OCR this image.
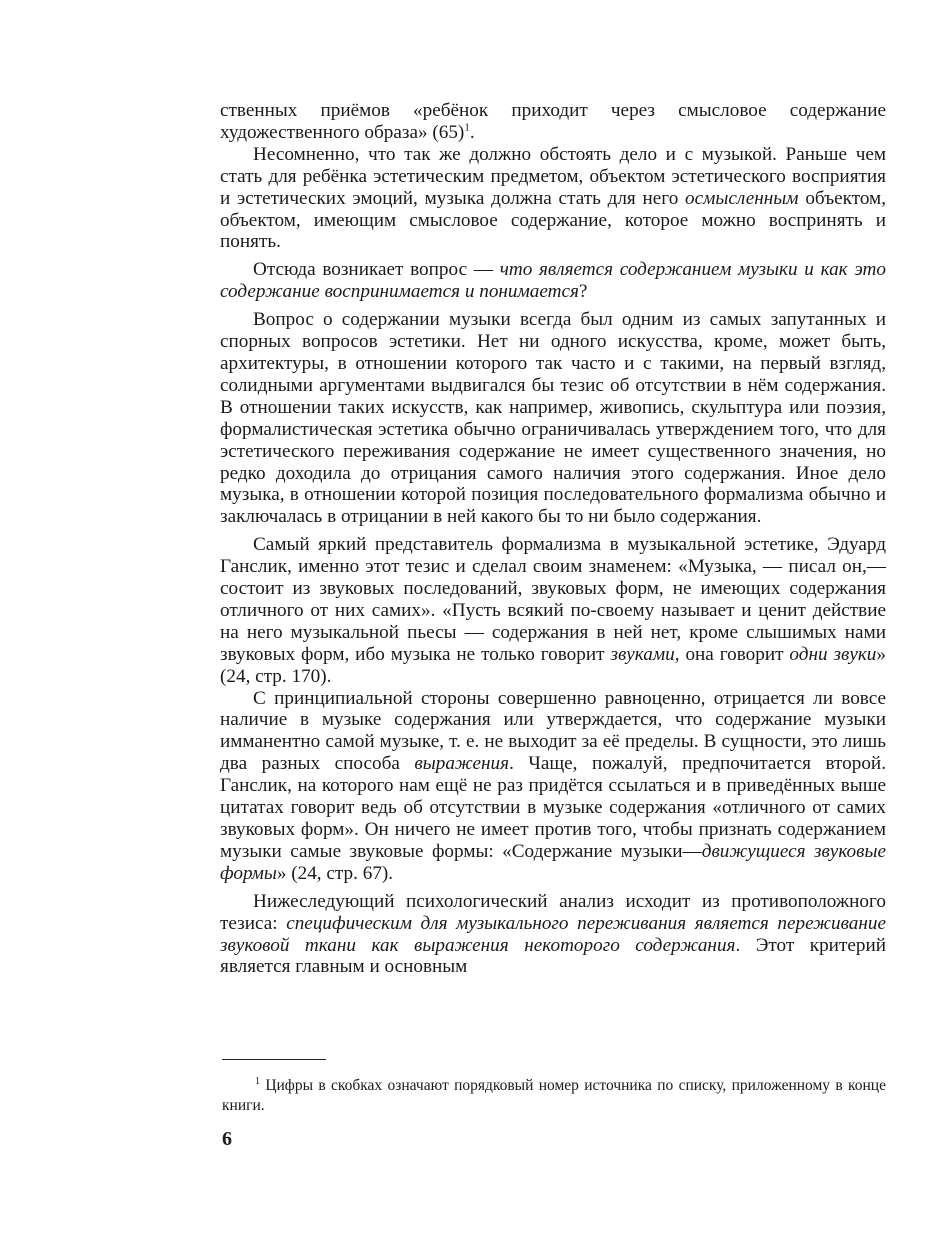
ственных приёмов «ребёнок приходит через смысловое содержание художественного образа» $(65)^1$.

Несомненно, что так же должно обстоять дело и с музыкой. Раньше чем стать для ребёнка эстетическим предметом, объектом эстетического восприятия и эстетических эмоций, музыка должна стать для него осмысленным объектом, объектом, имеющим смысловое содержание, которое можно воспринять и понять.

Отсюда возникает вопрос — что является содержанием музыки и как это содержание воспринимается и понимается?

Вопрос о содержании музыки всегда был одним из самых запутанных и спорных вопросов эстетики. Нет ни одного искусства, кроме, может быть, архитектуры, в отношении которого так часто и с такими, на первый взгляд, солидными аргументами выдвигался бы тезис об отсутствии в нём содержания. В отношении таких искусств, как например, живопись, скульптура или поэзия, формалистическая эстетика обычно ограничивалась утверждением того, что для эстетического переживания содержание не имеет существенного значения, но редко доходила до отрицания самого наличия этого содержания. Иное дело музыка, в отношении которой позиция последовательного формализма обычно и заключалась в отрицании в ней какого бы то ни было содержания.

Самый яркий представитель формализма в музыкальной эстетике, Эдуард Ганслик, именно этот тезис и сделал своим знаменем: «Музыка, — писал он,—состоит из звуковых последований, звуковых форм, не имеющих содержания отличного от них самих». «Пусть всякий по-своему называет и ценит действие на него музыкальной пьесы — содержания в ней нет, кроме слышимых нами звуковых форм, ибо музыка не только говорит звуками, она говорит одни звуки» (24, стр. 170).

С принципиальной стороны совершенно равноценно, отрицается ли вовсе наличие в музыке содержания или утверждается, что содержание музыки имманентно самой музыке, т. е. не выходит за её пределы. В сущности, это лишь два разных способа выражения. Чаще, пожалуй, предпочитается второй. Ганслик, на которого нам ещё не раз придётся ссылаться и в приведённых выше цитатах говорит ведь об отсутствии в музыке содержания «отличного от самих звуковых форм». Он ничего не имеет против того, чтобы признать содержанием музыки самые звуковые формы: «Содержание музыки—движущиеся звуковые формы» (24, стр. 67).

Нижеследующий психологический анализ исходит из противоположного тезиса: специфическим для музыкального переживания является переживание звуковой ткани как выражения некоторого содержания. Этот критерий является главным и основным

$^1$ Цифры в скобках означают порядковый номер источника по списку, приложенному в конце книги.

6
